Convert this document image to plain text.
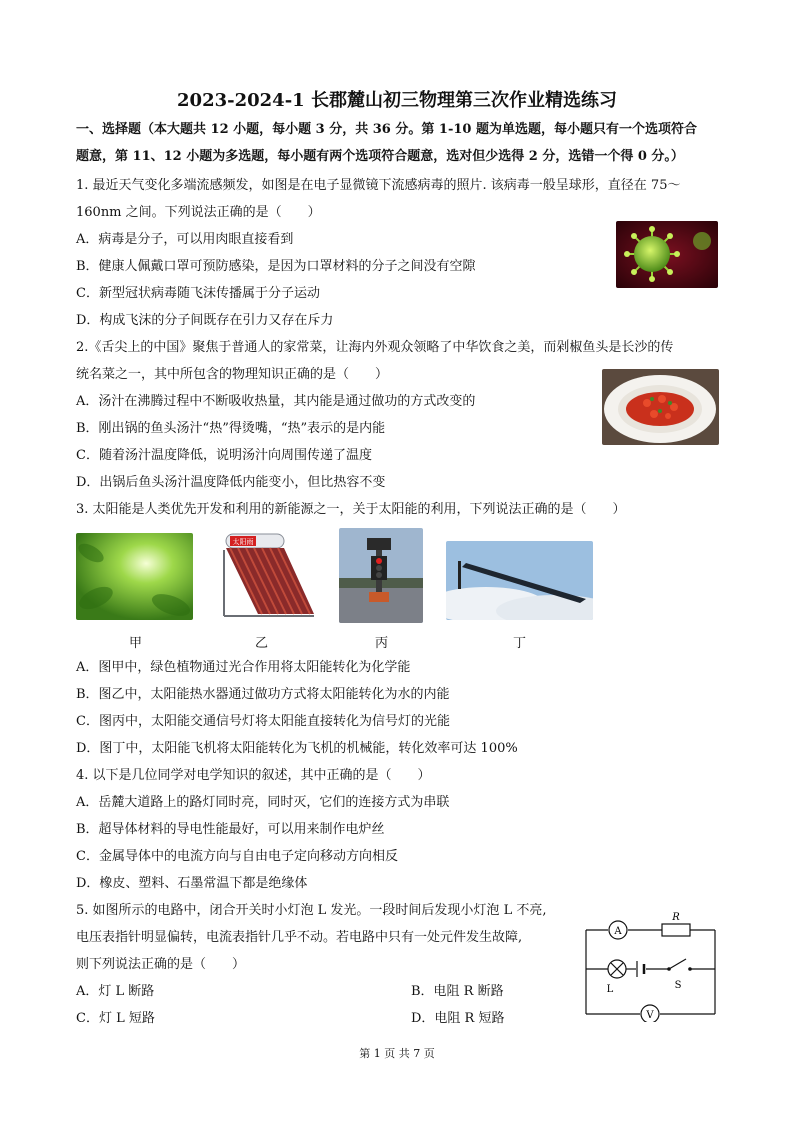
2023-2024-1 长郡麓山初三物理第三次作业精选练习
一、选择题（本大题共 12 小题，每小题 3 分，共 36 分。第 1-10 题为单选题，每小题只有一个选项符合
题意，第 11、12 小题为多选题，每小题有两个选项符合题意，选对但少选得 2 分，选错一个得 0 分。）
1. 最近天气变化多端流感频发，如图是在电子显微镜下流感病毒的照片. 该病毒一般呈球形，直径在 75～
160nm 之间。下列说法正确的是（　　）
A．病毒是分子，可以用肉眼直接看到
B．健康人佩戴口罩可预防感染，是因为口罩材料的分子之间没有空隙
C．新型冠状病毒随飞沫传播属于分子运动
D．构成飞沫的分子间既存在引力又存在斥力
2.《舌尖上的中国》聚焦于普通人的家常菜，让海内外观众领略了中华饮食之美，而剁椒鱼头是长沙的传
统名菜之一，其中所包含的物理知识正确的是（　　）
A．汤汁在沸腾过程中不断吸收热量，其内能是通过做功的方式改变的
B．刚出锅的鱼头汤汁“热”得烫嘴，“热”表示的是内能
C．随着汤汁温度降低，说明汤汁向周围传递了温度
D．出锅后鱼头汤汁温度降低内能变小，但比热容不变
3. 太阳能是人类优先开发和利用的新能源之一，关于太阳能的利用，下列说法正确的是（　　）
太阳雨
甲	乙	丙	丁
A．图甲中，绿色植物通过光合作用将太阳能转化为化学能
B．图乙中，太阳能热水器通过做功方式将太阳能转化为水的内能
C．图丙中，太阳能交通信号灯将太阳能直接转化为信号灯的光能
D．图丁中，太阳能飞机将太阳能转化为飞机的机械能，转化效率可达 100%
4. 以下是几位同学对电学知识的叙述，其中正确的是（　　）
A．岳麓大道路上的路灯同时亮，同时灭，它们的连接方式为串联
B．超导体材料的导电性能最好，可以用来制作电炉丝
C．金属导体中的电流方向与自由电子定向移动方向相反
D．橡皮、塑料、石墨常温下都是绝缘体
5. 如图所示的电路中，闭合开关时小灯泡 L 发光。一段时间后发现小灯泡 L 不亮,
电压表指针明显偏转，电流表指针几乎不动。若电路中只有一处元件发生故障,
则下列说法正确的是（　　）
A．灯 L 断路	B．电阻 R 断路
C．灯 L 短路	D．电阻 R 短路
A
R
L	S
V
第 1 页 共 7 页
